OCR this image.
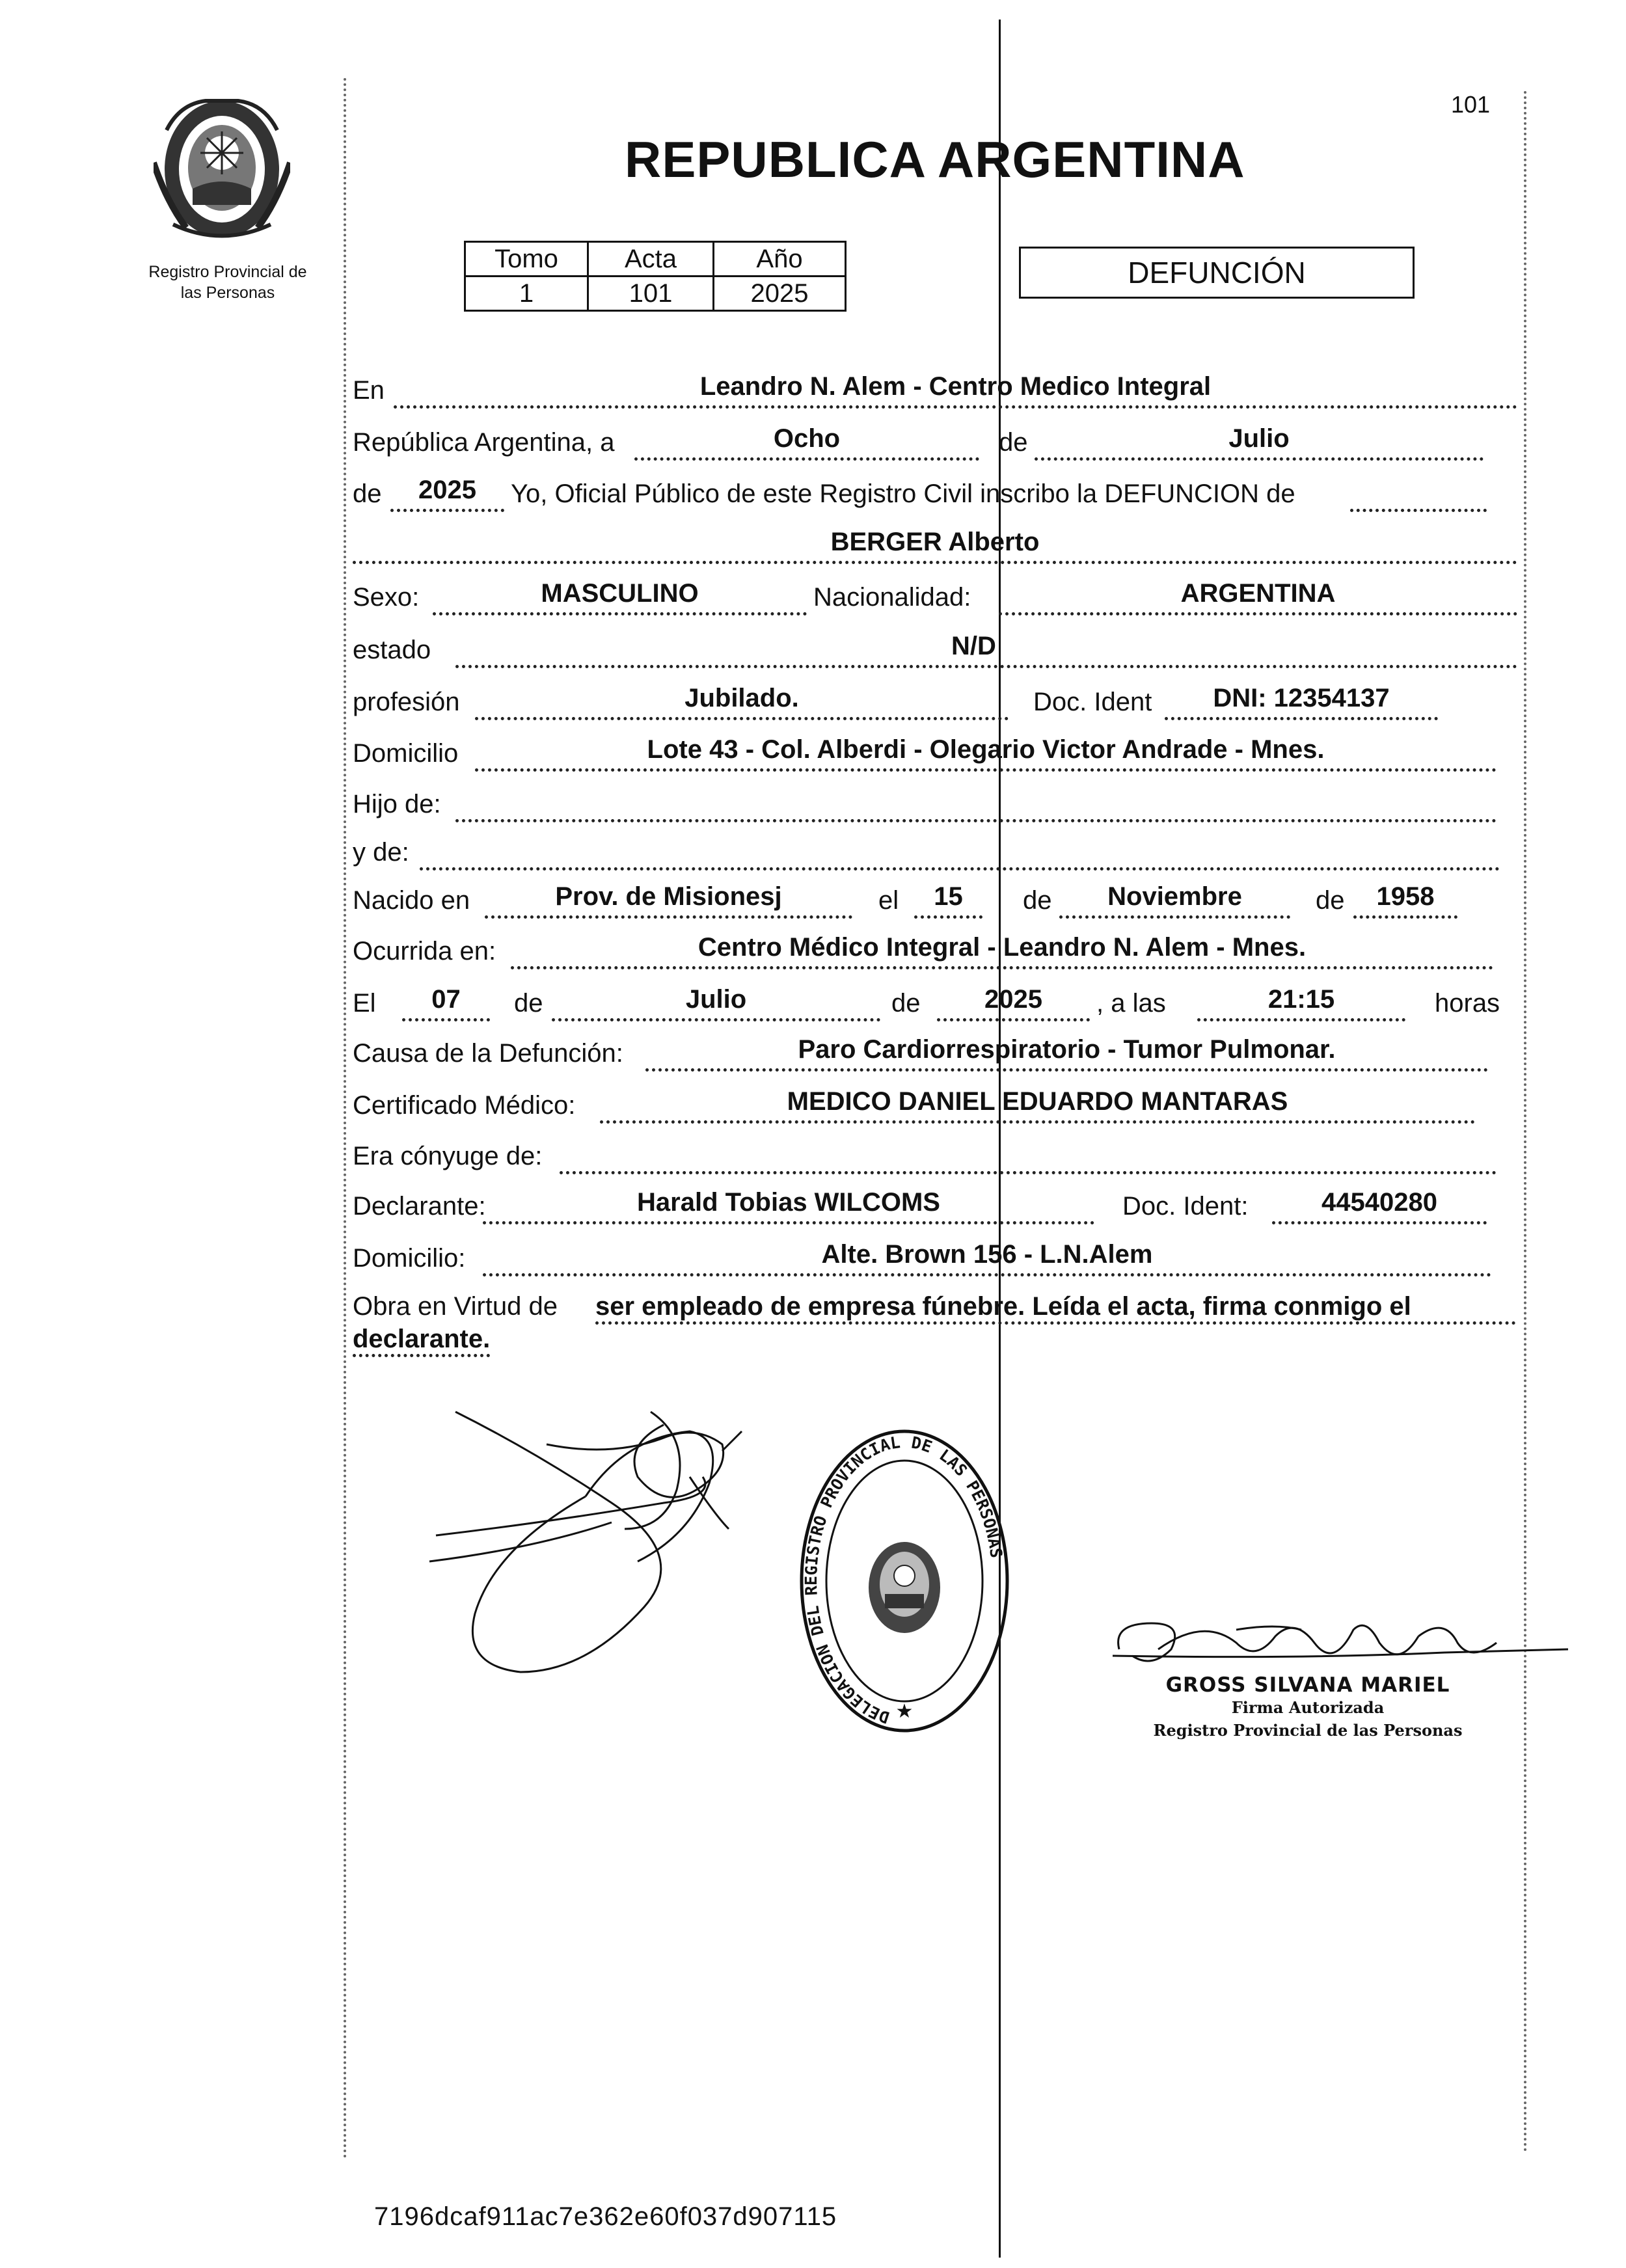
Registro Provincial de
las Personas
101
REPUBLICA ARGENTINA
Tomo	Acta	Año
1	101	2025
DEFUNCIÓN
En	Leandro N. Alem - Centro Medico Integral
República Argentina, a	Ocho	de	Julio
de	2025	Yo, Oficial Público de este Registro Civil inscribo la DEFUNCION de
BERGER Alberto
Sexo:	MASCULINO	Nacionalidad:	ARGENTINA
estado	N/D
profesión	Jubilado.	Doc. Ident	DNI: 12354137
Domicilio	Lote 43 - Col. Alberdi - Olegario Victor Andrade - Mnes.
Hijo de:
y de:
Nacido en	Prov. de Misionesj	el	15	de	Noviembre	de	1958
Ocurrida en:	Centro Médico Integral - Leandro N. Alem - Mnes.
El	07	de	Julio	de	2025	, a las	21:15	horas
Causa de la Defunción:	Paro Cardiorrespiratorio - Tumor Pulmonar.
Certificado Médico:	MEDICO DANIEL EDUARDO MANTARAS
Era cónyuge de:
Declarante:	Harald Tobias WILCOMS	Doc. Ident:	44540280
Domicilio:	Alte. Brown 156 - L.N.Alem
Obra en Virtud de ser empleado de empresa fúnebre. Leída el acta, firma conmigo el
declarante.
DELEGACION DEL REGISTRO PROVINCIAL DE LAS PERSONAS
★
GROSS SILVANA MARIEL
Firma Autorizada
Registro Provincial de las Personas
7196dcaf911ac7e362e60f037d907115
